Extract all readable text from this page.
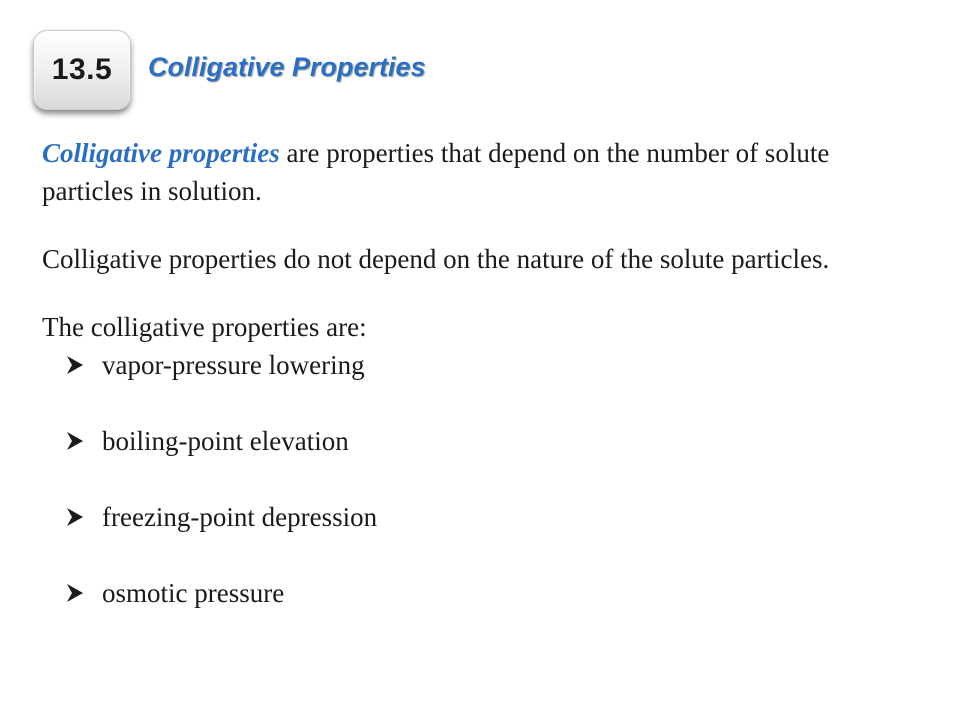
13.5 Colligative Properties

Colligative properties are properties that depend on the number of solute particles in solution.

Colligative properties do not depend on the nature of the solute particles.

The colligative properties are:

vapor-pressure lowering
boiling-point elevation
freezing-point depression
osmotic pressure
